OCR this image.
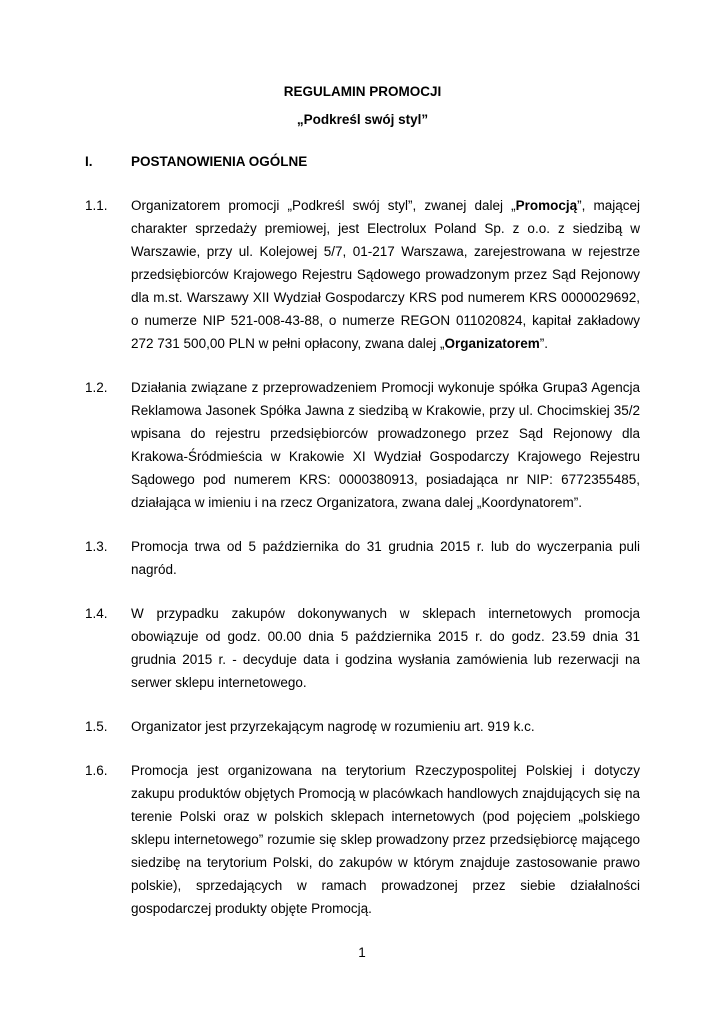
REGULAMIN PROMOCJI

„Podkreśl swój styl”

I.	POSTANOWIENIA OGÓLNE
1.1.	Organizatorem promocji „Podkreśl swój styl”, zwanej dalej „Promocją”, mającej charakter sprzedaży premiowej, jest Electrolux Poland Sp. z o.o. z siedzibą w Warszawie, przy ul. Kolejowej 5/7, 01-217 Warszawa, zarejestrowana w rejestrze przedsiębiorców Krajowego Rejestru Sądowego prowadzonym przez Sąd Rejonowy dla m.st. Warszawy XII Wydział Gospodarczy KRS pod numerem KRS 0000029692, o numerze NIP 521-008-43-88, o numerze REGON 011020824, kapitał zakładowy 272 731 500,00 PLN w pełni opłacony, zwana dalej „Organizatorem”.
1.2.	Działania związane z przeprowadzeniem Promocji wykonuje spółka Grupa3 Agencja Reklamowa Jasonek Spółka Jawna z siedzibą w Krakowie, przy ul. Chocimskiej 35/2 wpisana do rejestru przedsiębiorców prowadzonego przez Sąd Rejonowy dla Krakowa-Śródmieścia w Krakowie XI Wydział Gospodarczy Krajowego Rejestru Sądowego pod numerem KRS: 0000380913, posiadająca nr NIP: 6772355485, działająca w imieniu i na rzecz Organizatora, zwana dalej „Koordynatorem”.
1.3.	Promocja trwa od 5 października do 31 grudnia 2015 r. lub do wyczerpania puli nagród.
1.4.	W przypadku zakupów dokonywanych w sklepach internetowych promocja obowiązuje od godz. 00.00 dnia 5 października 2015 r. do godz. 23.59 dnia 31 grudnia 2015 r. - decyduje data i godzina wysłania zamówienia lub rezerwacji na serwer sklepu internetowego.
1.5.	Organizator jest przyrzekającym nagrodę w rozumieniu art. 919 k.c.
1.6.	Promocja jest organizowana na terytorium Rzeczypospolitej Polskiej i dotyczy zakupu produktów objętych Promocją w placówkach handlowych znajdujących się na terenie Polski oraz w polskich sklepach internetowych (pod pojęciem „polskiego sklepu internetowego” rozumie się sklep prowadzony przez przedsiębiorcę mającego siedzibę na terytorium Polski, do zakupów w którym znajduje zastosowanie prawo polskie), sprzedających w ramach prowadzonej przez siebie działalności gospodarczej produkty objęte Promocją.
1
